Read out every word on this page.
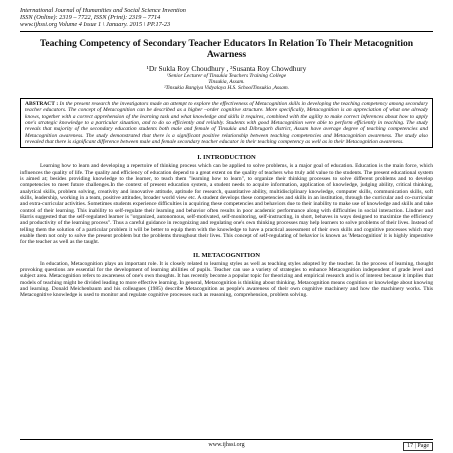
International Journal of Humanities and Social Science Invention
ISSN (Online): 2319 – 7722, ISSN (Print): 2319 – 7714
www.ijhssi.org Volume 4 Issue 1 \ January. 2015 \ PP.17-23
Teaching Competency of Secondary Teacher Educators In Relation To Their Metacognition Awarness
¹Dr Sukla Roy Choudhury , ²Susanta Roy Chowdhury
¹Senior Lecturer of Tinsukia Teachers Training College
Tinsukia, Assam.
²Tinsukia Bangiya Vidyalaya H.S. SchoolTinsukia ,Assam.
ABSTRACT : In the present research the investigators made an attempt to explore the effectiveness of Metacognition skills in developing the teaching competency among secondary teacher educators. The concept of Metacognition can be described as a higher –order cognitive structure. More specifically, Metacognition is an appreciation of what one already knows, together with a correct apprehension of the learning task and what knowledge and skills it requires, combined with the agility to make correct inferences about how to apply one's strategic knowledge to a particular situation, and to do so efficiently and reliably. Students with good Metacognition were able to perform efficiently in teaching. The study reveals that majority of the secondary education students both male and female of Tinsukia and Dibrugarh district, Assam have average degree of teaching competencies and Metacognition awareness. The study demonstrated that there is a significant positive relationship between teaching competencies and Metacognition awareness. The study also revealed that there is significant difference between male and female secondary teacher educator in their teaching competency as well as in their Metacognition awareness.
I. INTRODUCTION

Learning how to learn and developing a repertoire of thinking process which can be applied to solve problems, is a major goal of education. Education is the main force, which influences the quality of life. The quality and efficiency of education depend to a great extent on the quality of teachers who truly add value to the students. The present educational system is aimed at; besides providing knowledge to the learner, to teach them "learning how to learn", to organize their thinking processes to solve different problems and to develop competencies to meet future challenges.In the context of present education system, a student needs to acquire information, application of knowledge, judging ability, critical thinking, analytical skills, problem solving, creativity and innovative attitude, aptitude for research, quantitative ability, multidisciplinary knowledge, computer skills, communication skills, soft skills, leadership, working in a team, positive attitudes, broader world view etc. A student develops these competencies and skills in an institution, through the curricular and co-curricular and extra-curricular activities. Sometimes students experience difficulties in acquiring these competencies and behaviors due to their inability to make use of knowledge and skills and take control of their learning. This inability to self-regulate their learning and behavior often results in poor academic performance along with difficulties in social interaction. Lindner and Harris suggested that the self-regulated learner is "organized, autonomous, self-motivated, self-monitoring, self-instructing, in short, behaves in ways designed to maximize the efficiency and productivity of the learning process". Thus a careful guidance in recognizing and regulating one's own thinking processes may help learners to solve problems of their lives. Instead of telling them the solution of a particular problem it will be better to equip them with the knowledge to have a practical assessment of their own skills and cognitive processes which may enable them not only to solve the present problem but the problems throughout their lives. This concept of self-regulating of behavior is known as 'Metacognition' it is highly imperative for the teacher as well as the taught.

II. METACOGNITION

In education, Metacognition plays an important role. It is closely related to learning styles as well as teaching styles adopted by the teacher. In the process of learning, thought provoking questions are essential for the development of learning abilities of pupils. Teacher can use a variety of strategies to enhance Metacognition independent of grade level and subject area. Metacognition refers to awareness of one's own thoughts. It has recently become a popular topic for theorizing and empirical research and is of interest because it implies that models of teaching might be divided leading to more effective learning. In general, Metacognition is thinking about thinking. Metacognition means cognition or knowledge about knowing and learning. Donald Meichenbaum and his colleagues (1985) describe Metacognition as people's awareness of their own cognitive machinery and how the machinery works. This Metacognitive knowledge is used to monitor and regulate cognitive processes such as reasoning, comprehension, problem solving.

www.ijhssi.org	17 | Page
